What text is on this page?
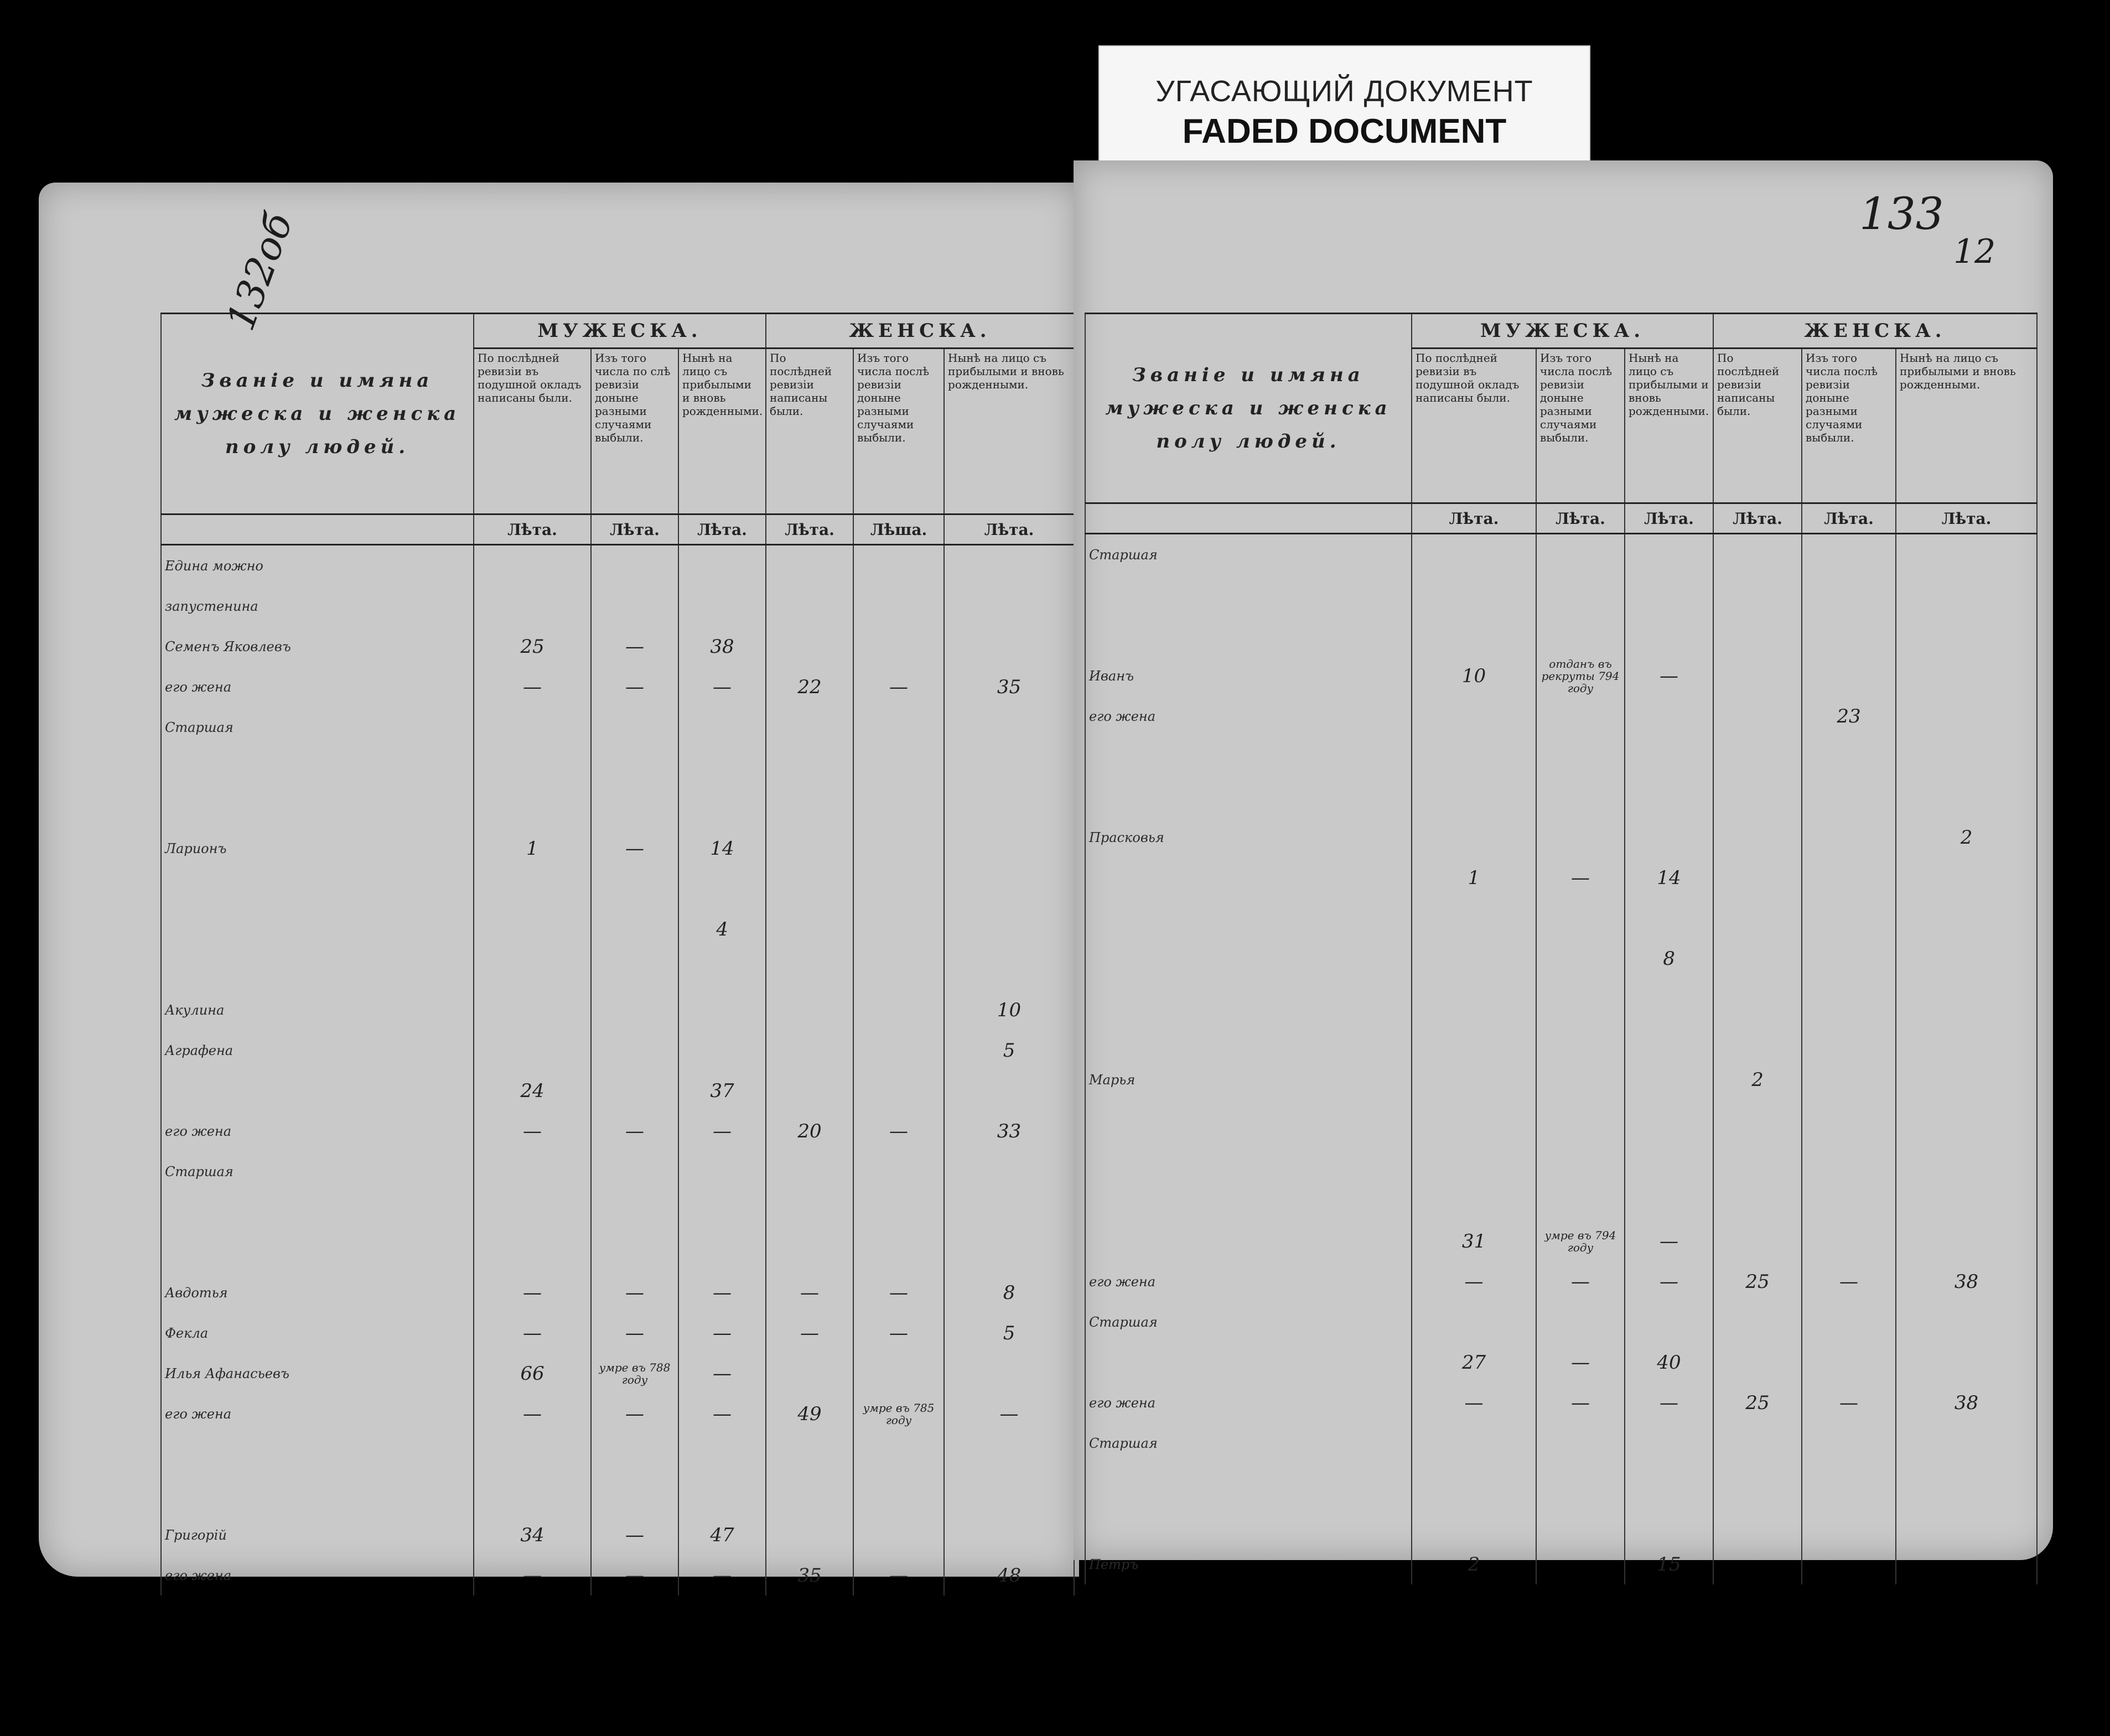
УГАСАЮЩИЙ ДОКУМЕНТ
FADED DOCUMENT
132об
Званіе и имяна мужеска и женска полу людей.	МУЖЕСКА.			ЖЕНСКА.		
	По послѣдней ревизіи въ подушной окладъ написаны были.	Изъ того числа по слѣ ревизіи доныне разными случаями выбыли.	Нынѣ на лицо съ прибылыми и вновь рожденными.	По послѣдней ревизіи написаны были.	Изъ того числа послѣ ревизіи доныне разными случаями выбыли.	Нынѣ на лицо съ прибылыми и вновь рожденными.
	Лѣта.	Лѣта.	Лѣта.	Лѣта.	Лѣша.	Лѣта.
Едина можно						
запустенина						
Семенъ Яковлевъ	25	—	38			
его жена	—	—	—	22	—	35
Старшая						

Ларионъ	1	—	14			

			4			

Акулина						10
Аграфена						5
	24		37			
его жена	—	—	—	20	—	33
Старшая						

Авдотья	—	—	—	—	—	8
Фекла	—	—	—	—	—	5
Илья Афанасьевъ	66	умре въ 788 году	—			
его жена	—	—	—	49	умре въ 785 году	—

Григорій	34	—	47			
его жена	—	—	—	35	—	48
133
12
Званіе и имяна мужеска и женска полу людей.	МУЖЕСКА.			ЖЕНСКА.		
	По послѣдней ревизіи въ подушной окладъ написаны были.	Изъ того числа послѣ ревизіи доныне разными случаями выбыли.	Нынѣ на лицо съ прибылыми и вновь рожденными.	По послѣдней ревизіи написаны были.	Изъ того числа послѣ ревизіи доныне разными случаями выбыли.	Нынѣ на лицо съ прибылыми и вновь рожденными.
	Лѣта.	Лѣта.	Лѣта.	Лѣта.	Лѣта.	Лѣта.
Старшая						

Иванъ	10	отданъ въ рекруты 794 году	—			
его жена					23	

Прасковья						2
	1	—	14			

			8			

Марья				2		

	31	умре въ 794 году	—			
его жена	—	—	—	25	—	38
Старшая						
	27	—	40			
его жена	—	—	—	25	—	38
Старшая						

Петръ	2		15			
